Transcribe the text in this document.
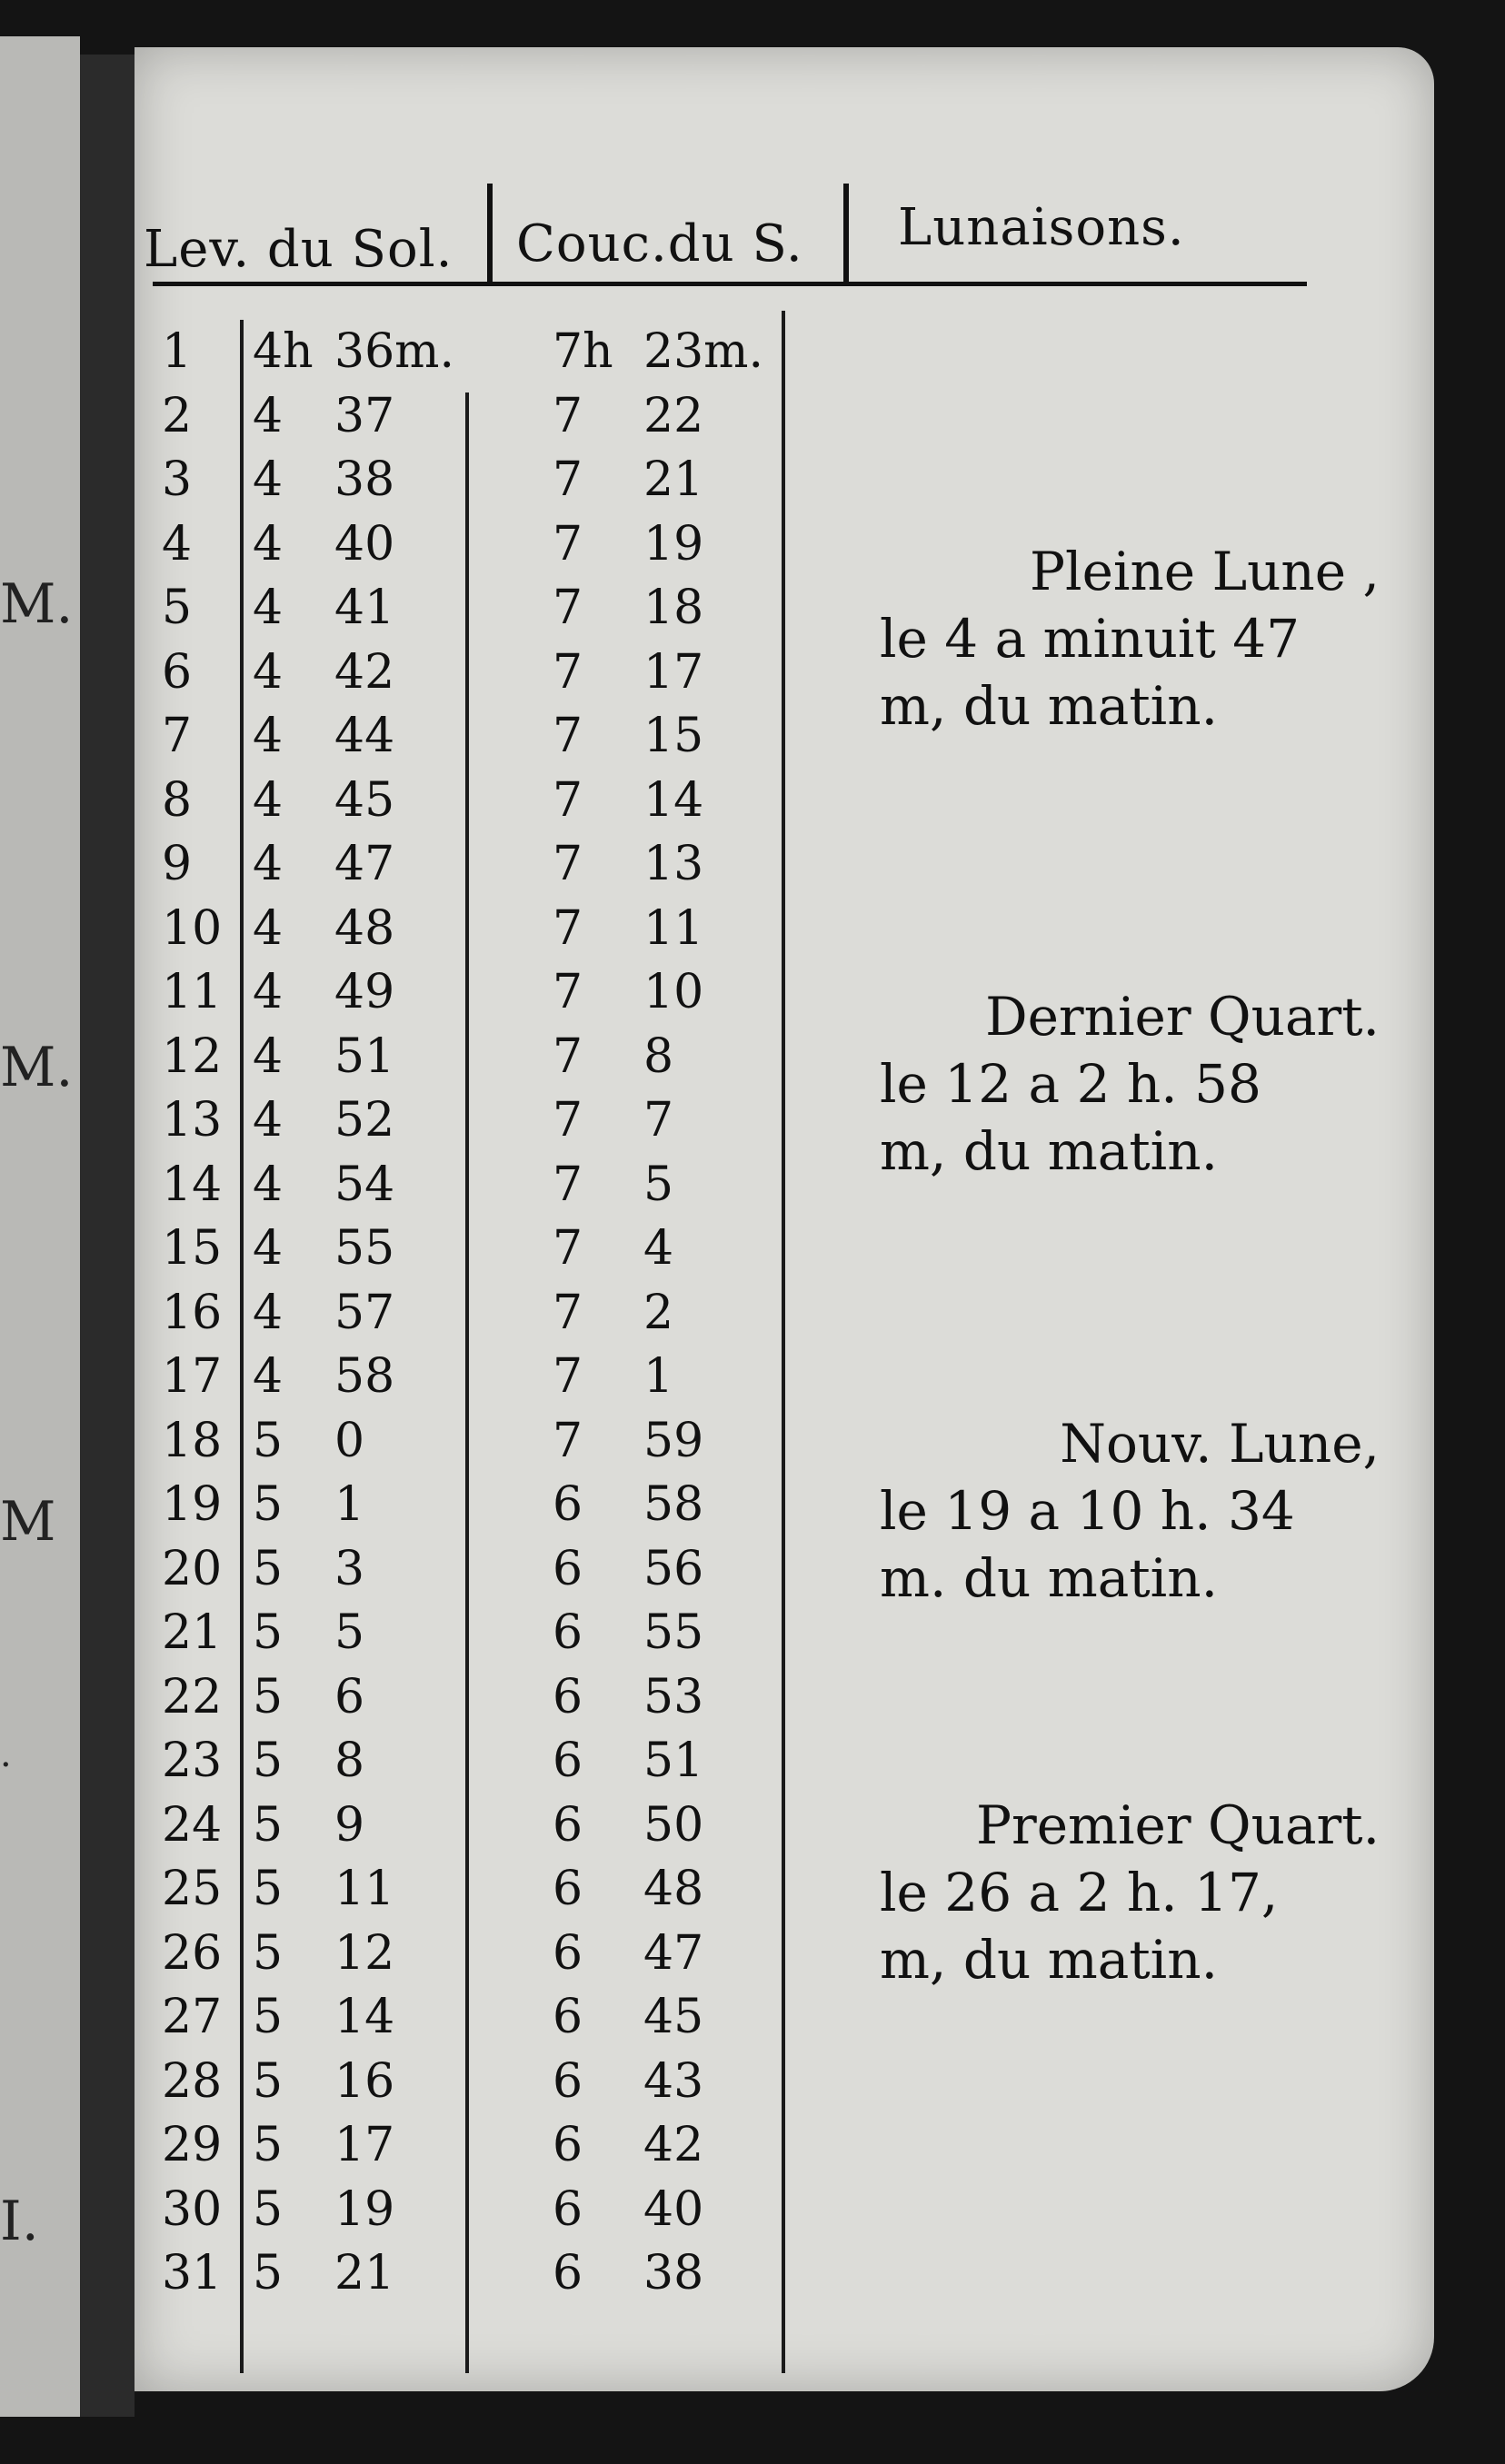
M.
M.
M
·
I.
Lev. du Sol. Couc.du S. Lunaisons.
1 4h 36m. 7h 23m.
2 4 37	7 22
3 4 38	7 21
4 4 40	7 19
5 4 41	7 18
6 4 42	7 17
7 4 44	7 15
8 4 45	7 14
9 4 47	7 13
10 4 48	7 11
11 4 49	7 10
12 4 51	7 8
13 4 52	7 7
14 4 54	7 5
15 4 55	7 4
16 4 57	7 2
17 4 58	7 1
18 5 0	7 59
19 5 1	6 58
20 5 3	6 56
21 5 5	6 55
22 5 6	6 53
23 5 8	6 51
24 5 9	6 50
25 5 11	6 48
26 5 12	6 47
27 5 14	6 45
28 5 16	6 43
29 5 17	6 42
30 5 19	6 40
31 5 21	6 38
Pleine Lune ,
le 4 a minuit 47
m, du matin.
Dernier Quart.
le 12 a 2 h. 58
m, du matin.
Nouv. Lune,
le 19 a 10 h. 34
m. du matin.
Premier Quart.
le 26 a 2 h. 17,
m, du matin.
